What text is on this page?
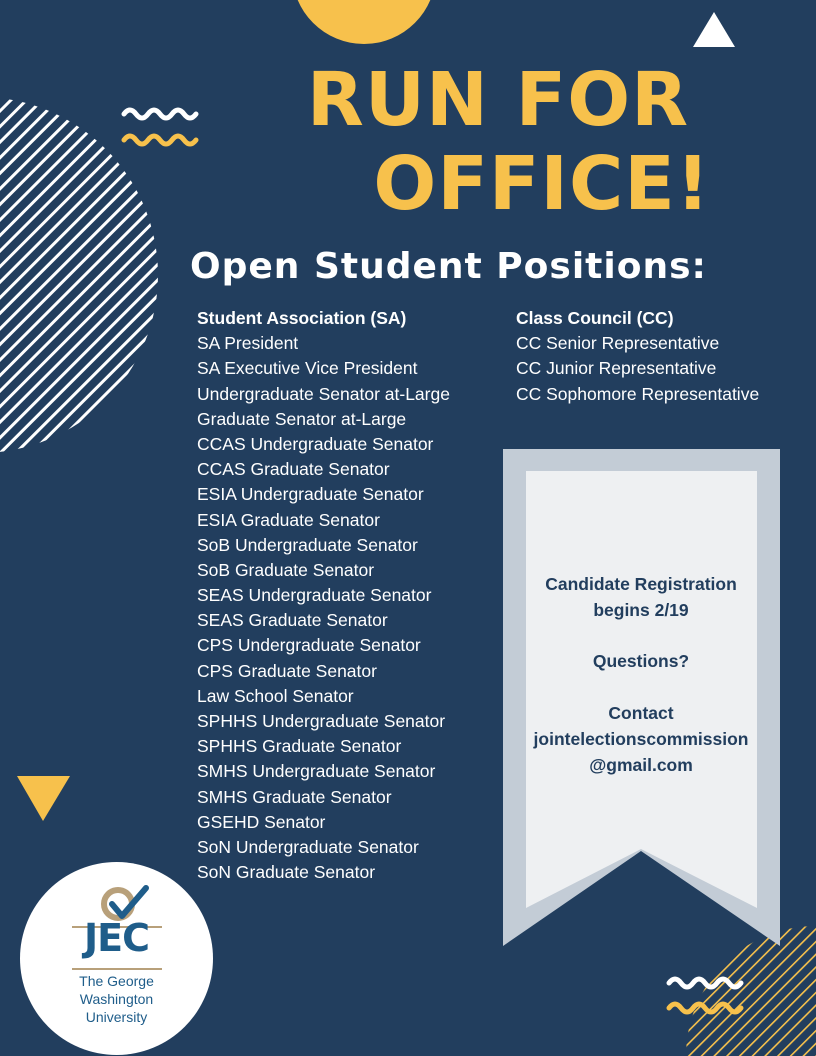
RUN FOR
OFFICE!
Open Student Positions:
Student Association (SA)
SA President
SA Executive Vice President
Undergraduate Senator at-Large
Graduate Senator at-Large
CCAS Undergraduate Senator
CCAS Graduate Senator
ESIA Undergraduate Senator
ESIA Graduate Senator
SoB Undergraduate Senator
SoB Graduate Senator
SEAS Undergraduate Senator
SEAS Graduate Senator
CPS Undergraduate Senator
CPS Graduate Senator
Law School Senator
SPHHS Undergraduate Senator
SPHHS Graduate Senator
SMHS Undergraduate Senator
SMHS Graduate Senator
GSEHD Senator
SoN Undergraduate Senator
SoN Graduate Senator
Class Council (CC)
CC Senior Representative
CC Junior Representative
CC Sophomore Representative
Candidate Registration
begins 2/19
Questions?
Contact
jointelectionscommission
@gmail.com
JEC
The George
Washington
University
